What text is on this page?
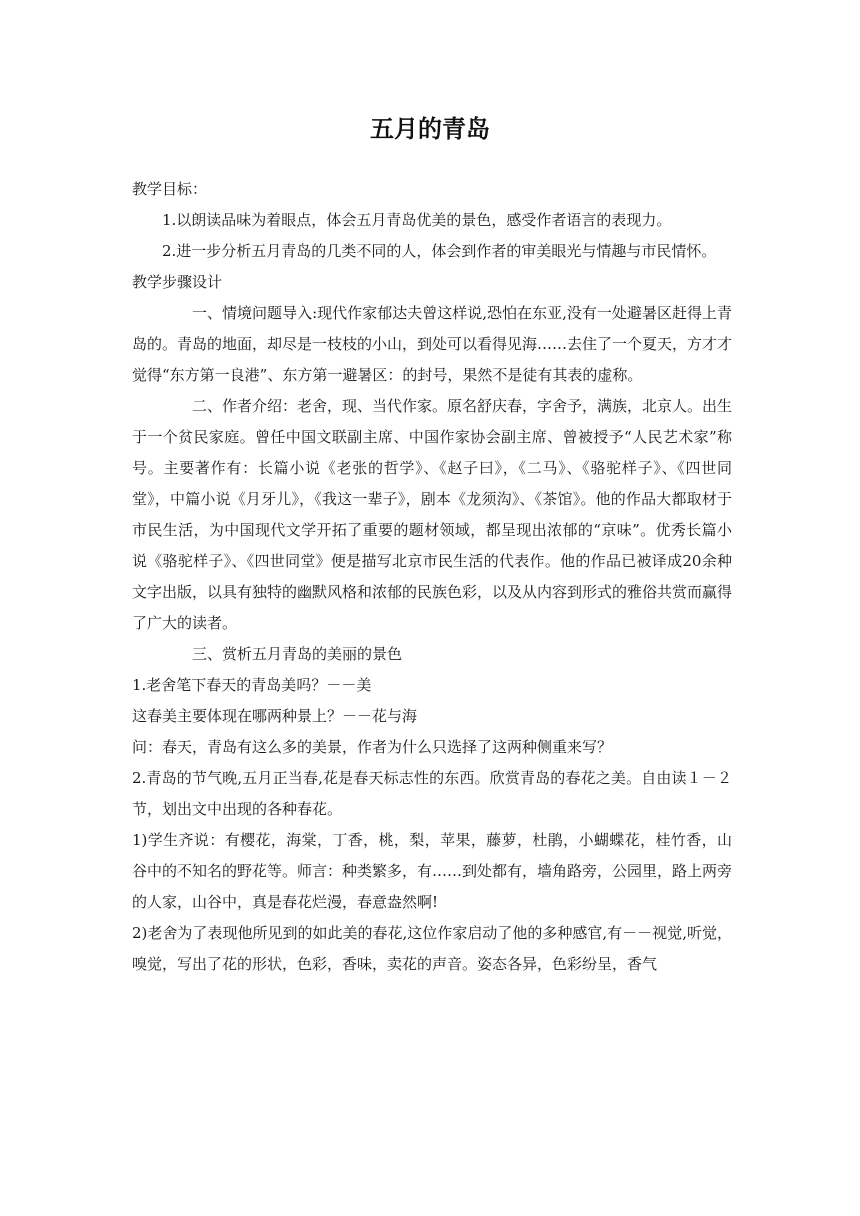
五月的青岛

教学目标：

1.以朗读品味为着眼点，体会五月青岛优美的景色，感受作者语言的表现力。

2.进一步分析五月青岛的几类不同的人，体会到作者的审美眼光与情趣与市民情怀。

教学步骤设计

一、情境问题导入:现代作家郁达夫曾这样说,恐怕在东亚,没有一处避暑区赶得上青岛的。青岛的地面，却尽是一枝枝的小山，到处可以看得见海……去住了一个夏天，方才才觉得“东方第一良港”、东方第一避暑区：的封号，果然不是徒有其表的虚称。

二、作者介绍：老舍，现、当代作家。原名舒庆春，字舍予，满族，北京人。出生于一个贫民家庭。曾任中国文联副主席、中国作家协会副主席、曾被授予“人民艺术家”称号。主要著作有：长篇小说《老张的哲学》、《赵子曰》，《二马》、《骆驼样子》、《四世同堂》，中篇小说《月牙儿》，《我这一辈子》，剧本《龙须沟》、《茶馆》。他的作品大都取材于市民生活，为中国现代文学开拓了重要的题材领域，都呈现出浓郁的“京味”。优秀长篇小说《骆驼样子》、《四世同堂》便是描写北京市民生活的代表作。他的作品已被译成20余种文字出版，以具有独特的幽默风格和浓郁的民族色彩，以及从内容到形式的雅俗共赏而赢得了广大的读者。

三、赏析五月青岛的美丽的景色

1.老舍笔下春天的青岛美吗？－－美

这春美主要体现在哪两种景上？－－花与海

问：春天，青岛有这么多的美景，作者为什么只选择了这两种侧重来写？

2.青岛的节气晚,五月正当春,花是春天标志性的东西。欣赏青岛的春花之美。自由读１－２节，划出文中出现的各种春花。

1)学生齐说：有樱花，海棠，丁香，桃，梨，苹果，藤萝，杜鹃，小蝴蝶花，桂竹香，山谷中的不知名的野花等。师言：种类繁多，有……到处都有，墙角路旁，公园里，路上两旁的人家，山谷中，真是春花烂漫，春意盎然啊!

2)老舍为了表现他所见到的如此美的春花,这位作家启动了他的多种感官,有－－视觉,听觉，嗅觉，写出了花的形状，色彩，香味，卖花的声音。姿态各异，色彩纷呈，香气
